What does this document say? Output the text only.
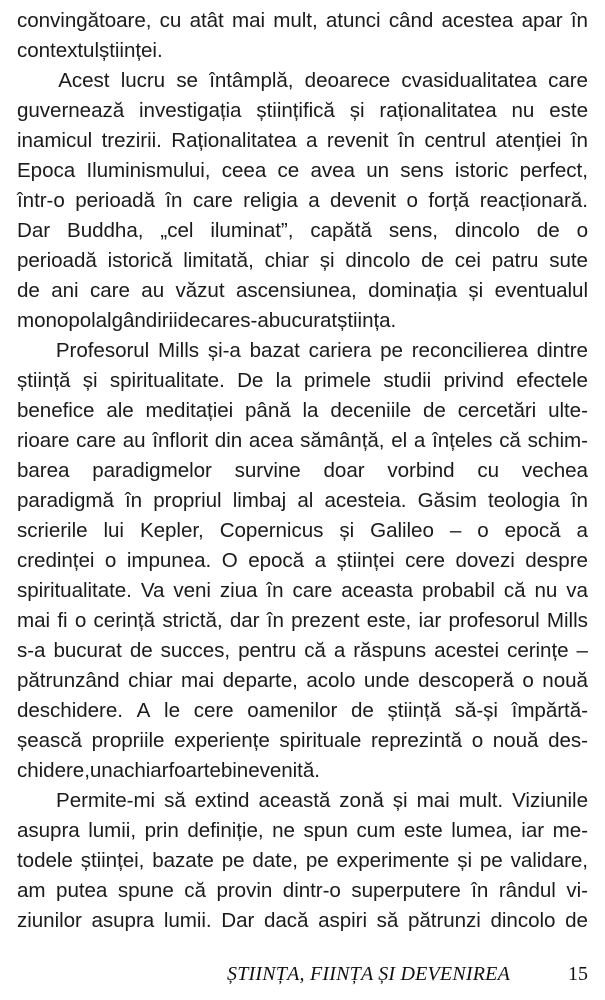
convingătoare, cu atât mai mult, atunci când acestea apar în
contextul științei.
Acest lucru se întâmplă, deoarece cvasidualitatea care
guvernează investigația științifică și raționalitatea nu este
inamicul trezirii. Raționalitatea a revenit în centrul atenției în
Epoca Iluminismului, ceea ce avea un sens istoric perfect,
într-o perioadă în care religia a devenit o forță reacționară.
Dar Buddha, „cel iluminat”, capătă sens, dincolo de o
perioadă istorică limitată, chiar și dincolo de cei patru sute
de ani care au văzut ascensiunea, dominația și eventualul
monopol al gândirii de care s-a bucurat știința.
Profesorul Mills și-a bazat cariera pe reconcilierea dintre
știință și spiritualitate. De la primele studii privind efectele
benefice ale meditației până la deceniile de cercetări ulte-
rioare care au înflorit din acea sămânță, el a înțeles că schim-
barea paradigmelor survine doar vorbind cu vechea
paradigmă în propriul limbaj al acesteia. Găsim teologia în
scrierile lui Kepler, Copernicus și Galileo – o epocă a
credinței o impunea. O epocă a științei cere dovezi despre
spiritualitate. Va veni ziua în care aceasta probabil că nu va
mai fi o cerință strictă, dar în prezent este, iar profesorul Mills
s-a bucurat de succes, pentru că a răspuns acestei cerințe –
pătrunzând chiar mai departe, acolo unde descoperă o nouă
deschidere. A le cere oamenilor de știință să-și împărtă-
șească propriile experiențe spirituale reprezintă o nouă des-
chidere, una chiar foarte binevenită.
Permite-mi să extind această zonă și mai mult. Viziunile
asupra lumii, prin definiție, ne spun cum este lumea, iar me-
todele științei, bazate pe date, pe experimente și pe validare,
am putea spune că provin dintr-o superputere în rândul vi-
ziunilor asupra lumii. Dar dacă aspiri să pătrunzi dincolo de
ȘTIINȚA, FIINȚA ȘI DEVENIREA	15
